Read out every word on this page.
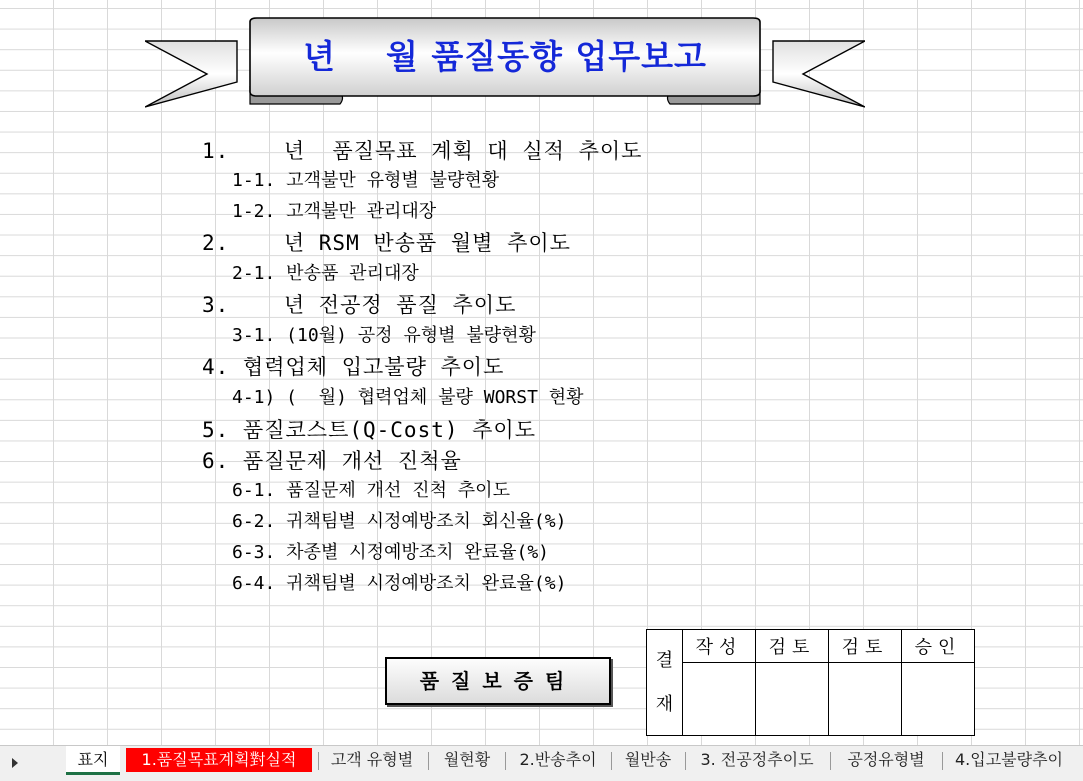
년    월 품질동향 업무보고
1.    년  품질목표 계획 대 실적 추이도
1-1. 고객불만 유형별 불량현황
1-2. 고객불만 관리대장
2.    년 RSM 반송품 월별 추이도
2-1. 반송품 관리대장
3.    년 전공정 품질 추이도
3-1. (10월) 공정 유형별 불량현황
4. 협력업체 입고불량 추이도
4-1) (  월) 협력업체 불량 WORST 현황
5. 품질코스트(Q-Cost) 추이도
6. 품질문제 개선 진척율
6-1. 품질문제 개선 진척 추이도
6-2. 귀책팀별 시정예방조치 회신율(%)
6-3. 차종별 시정예방조치 완료율(%)
6-4. 귀책팀별 시정예방조치 완료율(%)
품질보증팀
결
재	작성	검토	검토	승인

표지	1.품질목표계획對실적	고객 유형별	월현황	2.반송추이	월반송	3. 전공정추이도	공정유형별	4.입고불량추이
